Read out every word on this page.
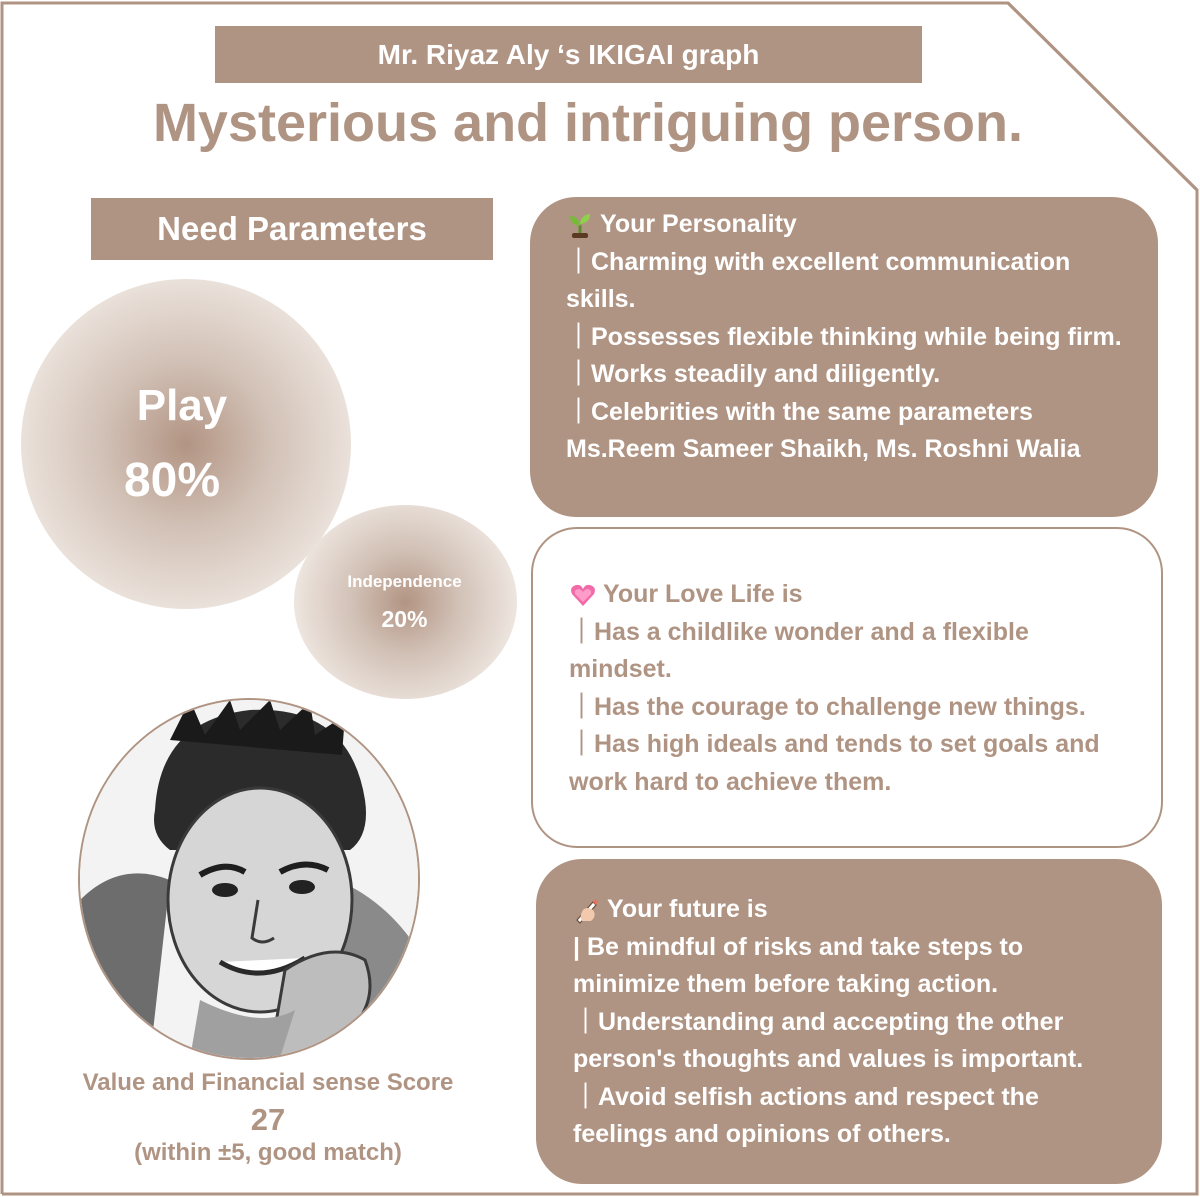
Mr. Riyaz Aly ‘s IKIGAI graph
Mysterious and intriguing person.
Need Parameters
Play
80%
Independence
20%
Value and Financial sense Score
27
(within ±5, good match)
Your Personality

｜Charming with excellent communication skills.

｜Possesses flexible thinking while being firm.

｜Works steadily and diligently.

｜Celebrities with the same parameters Ms.Reem Sameer Shaikh, Ms. Roshni Walia

Your Love Life is

｜Has a childlike wonder and a flexible mindset.

｜Has the courage to challenge new things.

｜Has high ideals and tends to set goals and work hard to achieve them.

Your future is

| Be mindful of risks and take steps to minimize them before taking action.

｜Understanding and accepting the other person's thoughts and values is important.

｜Avoid selfish actions and respect the feelings and opinions of others.
